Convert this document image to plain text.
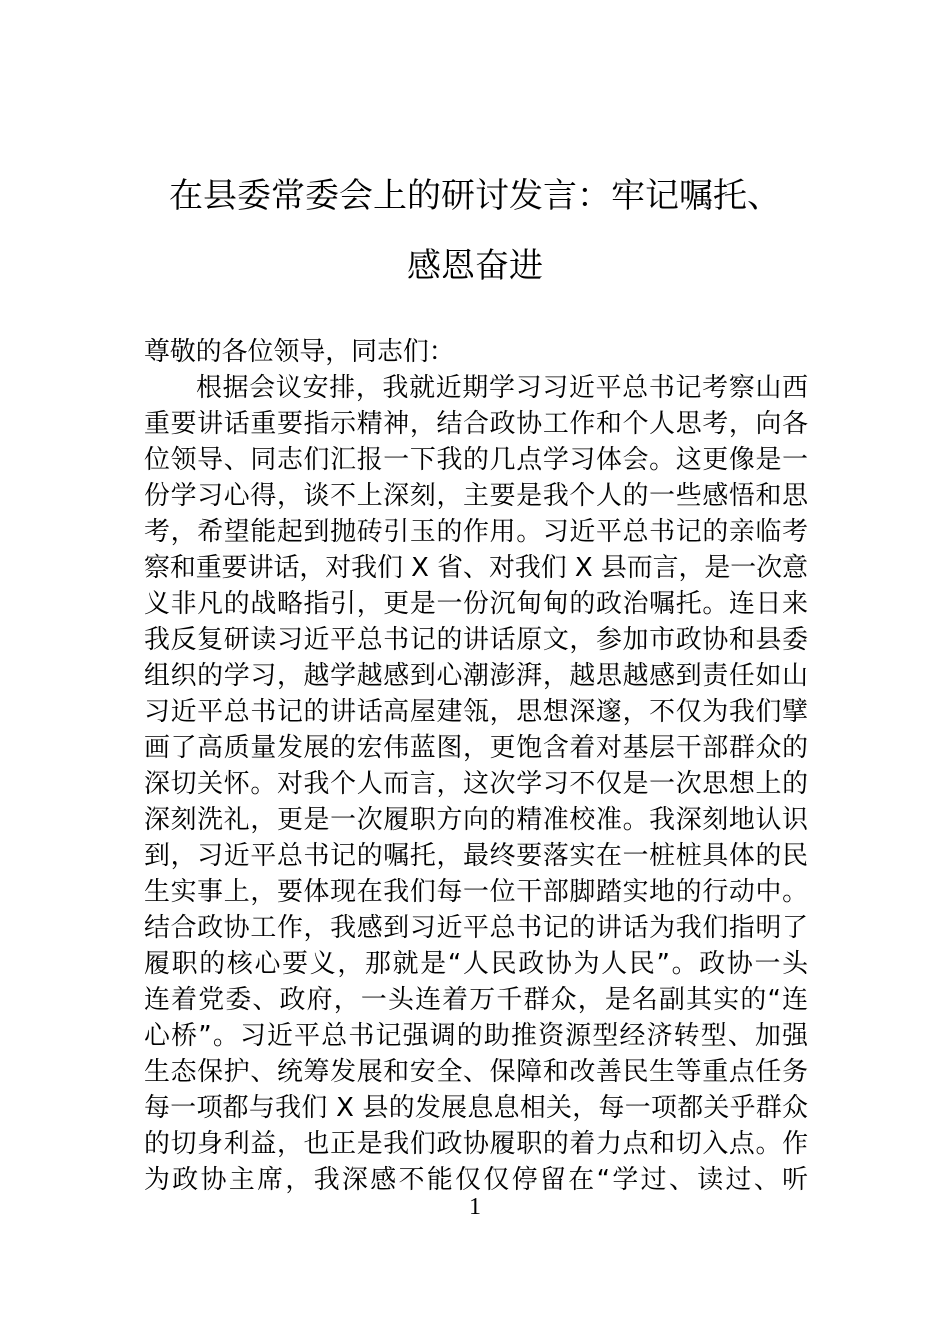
在县委常委会上的研讨发言：牢记嘱托、
感恩奋进

尊敬的各位领导，同志们：

根据会议安排，我就近期学习习近平总书记考察山西

重要讲话重要指示精神，结合政协工作和个人思考，向各

位领导、同志们汇报一下我的几点学习体会。这更像是一

份学习心得，谈不上深刻，主要是我个人的一些感悟和思

考，希望能起到抛砖引玉的作用。习近平总书记的亲临考

察和重要讲话，对我们 X 省、对我们 X 县而言，是一次意

义非凡的战略指引，更是一份沉甸甸的政治嘱托。连日来

我反复研读习近平总书记的讲话原文，参加市政协和县委

组织的学习，越学越感到心潮澎湃，越思越感到责任如山

习近平总书记的讲话高屋建瓴，思想深邃，不仅为我们擘

画了高质量发展的宏伟蓝图，更饱含着对基层干部群众的

深切关怀。对我个人而言，这次学习不仅是一次思想上的

深刻洗礼，更是一次履职方向的精准校准。我深刻地认识

到，习近平总书记的嘱托，最终要落实在一桩桩具体的民

生实事上，要体现在我们每一位干部脚踏实地的行动中。

结合政协工作，我感到习近平总书记的讲话为我们指明了

履职的核心要义，那就是“人民政协为人民”。政协一头

连着党委、政府，一头连着万千群众，是名副其实的“连

心桥”。习近平总书记强调的助推资源型经济转型、加强

生态保护、统筹发展和安全、保障和改善民生等重点任务

每一项都与我们 X 县的发展息息相关，每一项都关乎群众

的切身利益，也正是我们政协履职的着力点和切入点。作

为政协主席，我深感不能仅仅停留在“学过、读过、听

1
